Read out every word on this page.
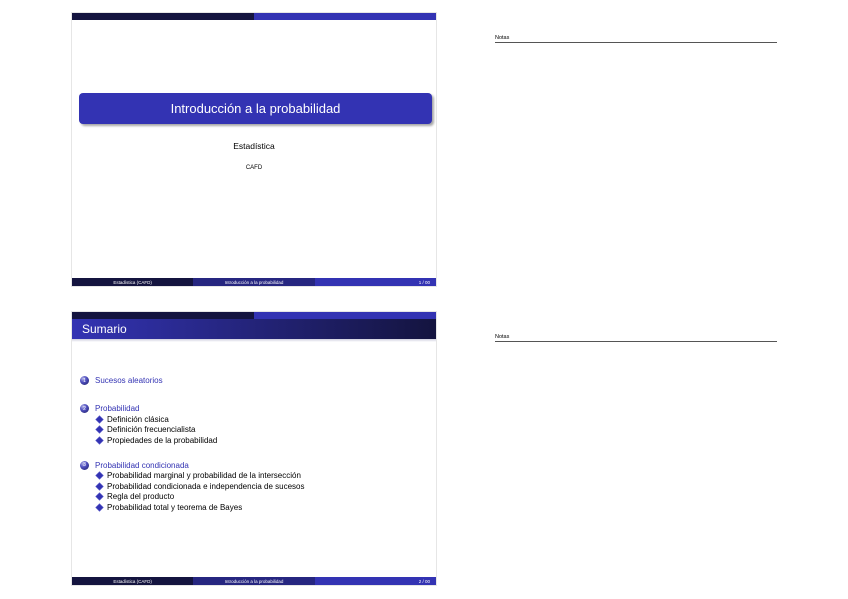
Introducción a la probabilidad
Estadística
CAFD
Estadística (CAFD)	Introducción a la probabilidad	1 / 00
Notas
Sumario
1	Sucesos aleatorios
2	Probabilidad
Definición clásica
Definición frecuencialista
Propiedades de la probabilidad
3	Probabilidad condicionada
Probabilidad marginal y probabilidad de la intersección
Probabilidad condicionada e independencia de sucesos
Regla del producto
Probabilidad total y teorema de Bayes
Estadística (CAFD)	Introducción a la probabilidad	2 / 00
Notas
